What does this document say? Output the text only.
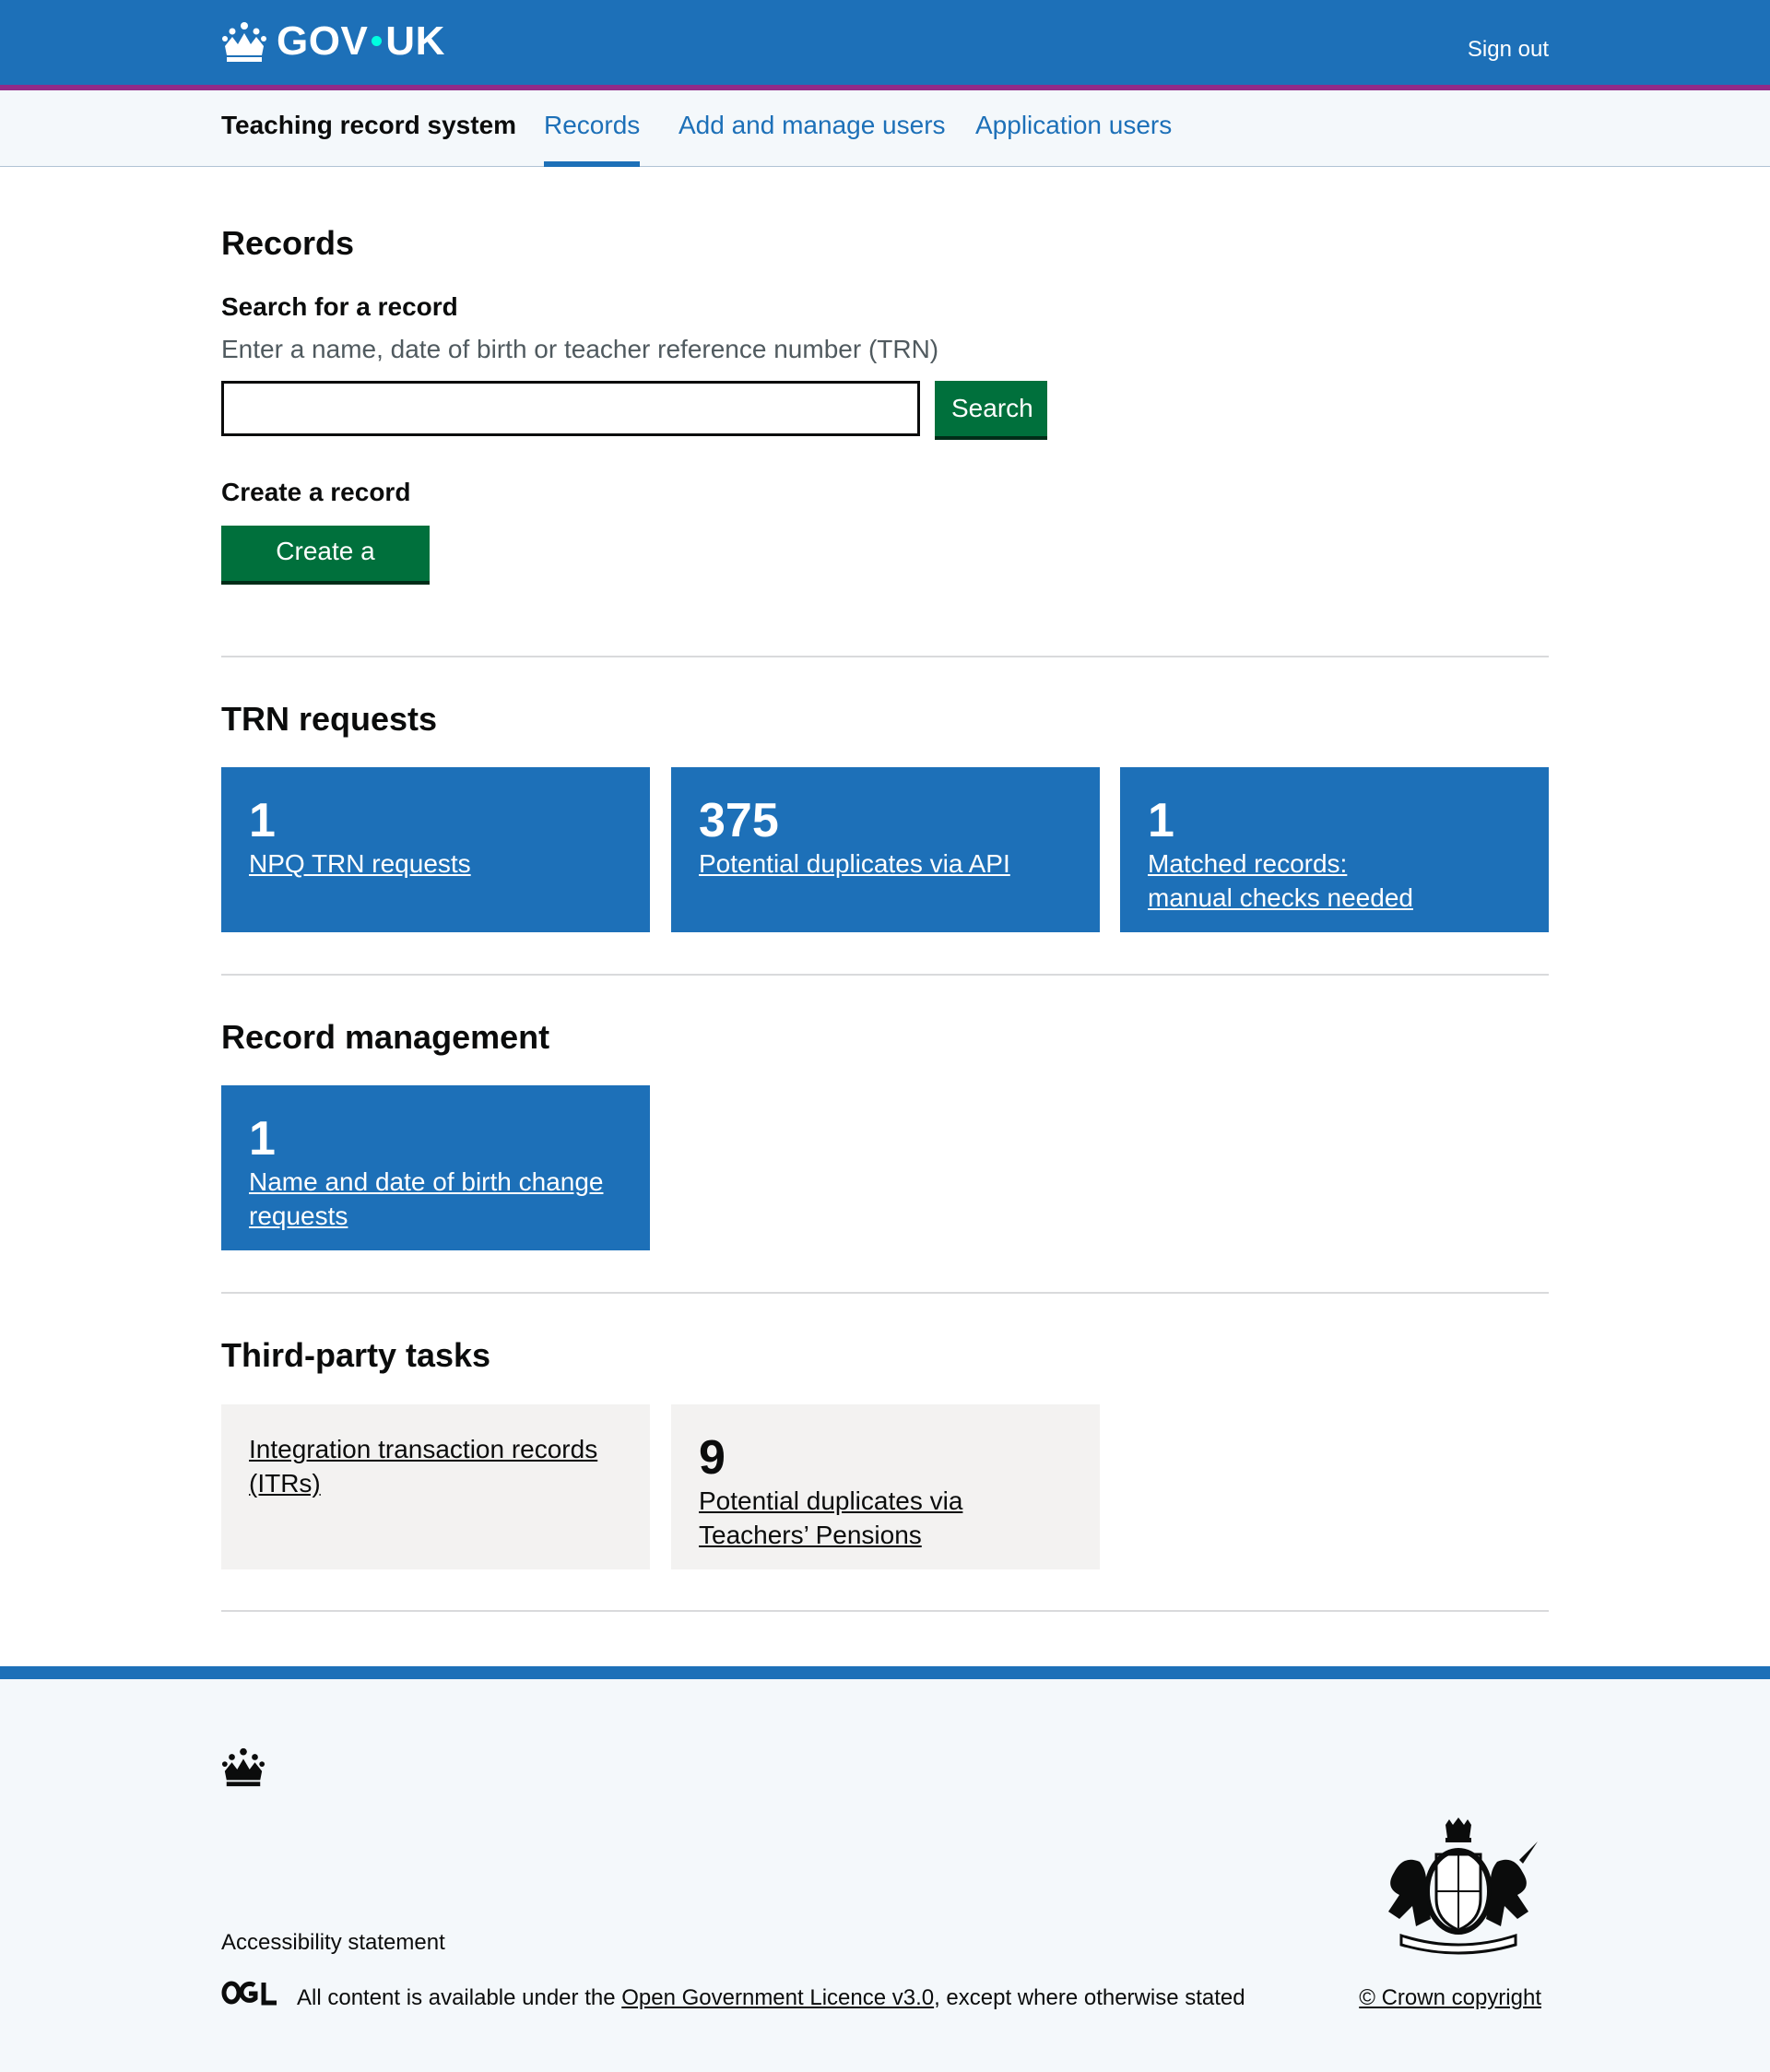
GOV UK	Sign out
Teaching record system Records Add and manage users Application users
Records
Search for a record
Enter a name, date of birth or teacher reference number (TRN)
Search
Create a record
Create a record
TRN requests
1
NPQ TRN requests
375
Potential duplicates via API
1
Matched records: manual checks needed
Record management
1
Name and date of birth change requests
Third-party tasks
Integration transaction records (ITRs)	9
Potential duplicates via Teachers’ Pensions
Accessibility statement
All content is available under the Open Government Licence v3.0, except where otherwise stated	© Crown copyright
